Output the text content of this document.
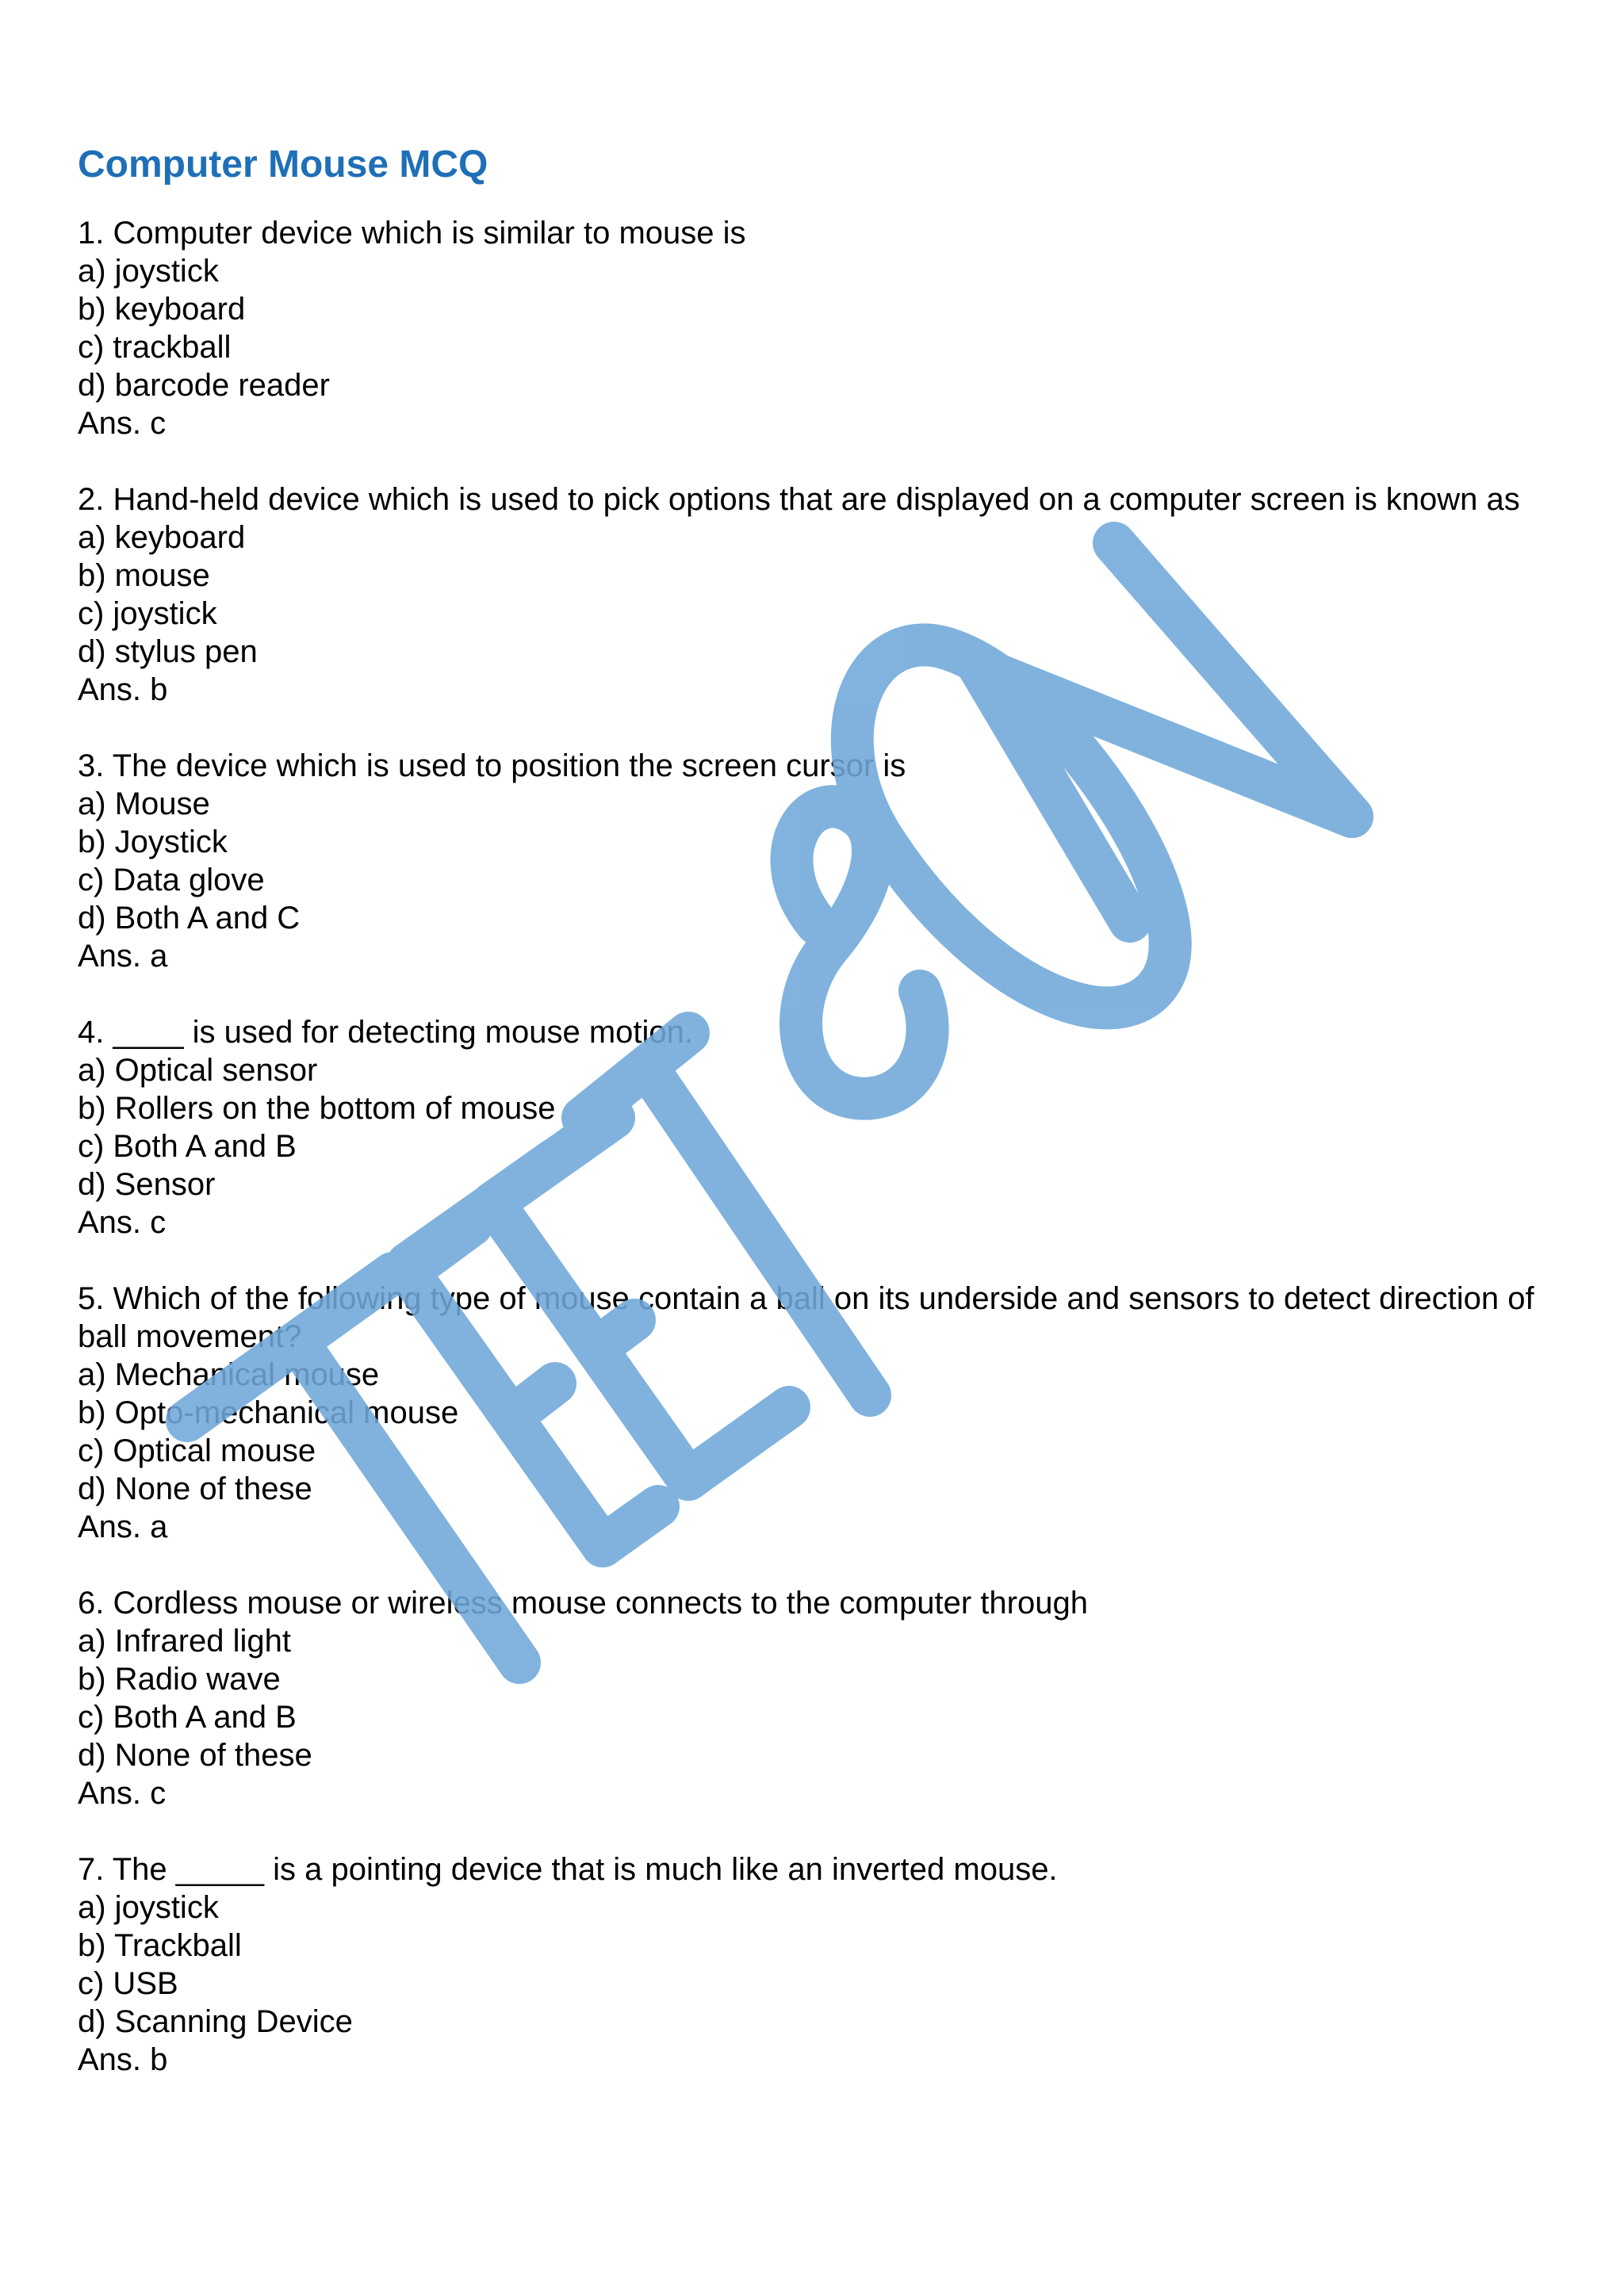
Computer Mouse MCQ
1. Computer device which is similar to mouse is
a) joystick
b) keyboard
c) trackball
d) barcode reader
Ans. c
2. Hand-held device which is used to pick options that are displayed on a computer screen is known as
a) keyboard
b) mouse
c) joystick
d) stylus pen
Ans. b
3. The device which is used to position the screen cursor is
a) Mouse
b) Joystick
c) Data glove
d) Both A and C
Ans. a
4. ____ is used for detecting mouse motion.
a) Optical sensor
b) Rollers on the bottom of mouse
c) Both A and B
d) Sensor
Ans. c
5. Which of the following type of mouse contain a ball on its underside and sensors to detect direction of ball movement?
a) Mechanical mouse
b) Opto-mechanical mouse
c) Optical mouse
d) None of these
Ans. a
6. Cordless mouse or wireless mouse connects to the computer through
a) Infrared light
b) Radio wave
c) Both A and B
d) None of these
Ans. c
7. The _____ is a pointing device that is much like an inverted mouse.
a) joystick
b) Trackball
c) USB
d) Scanning Device
Ans. b
